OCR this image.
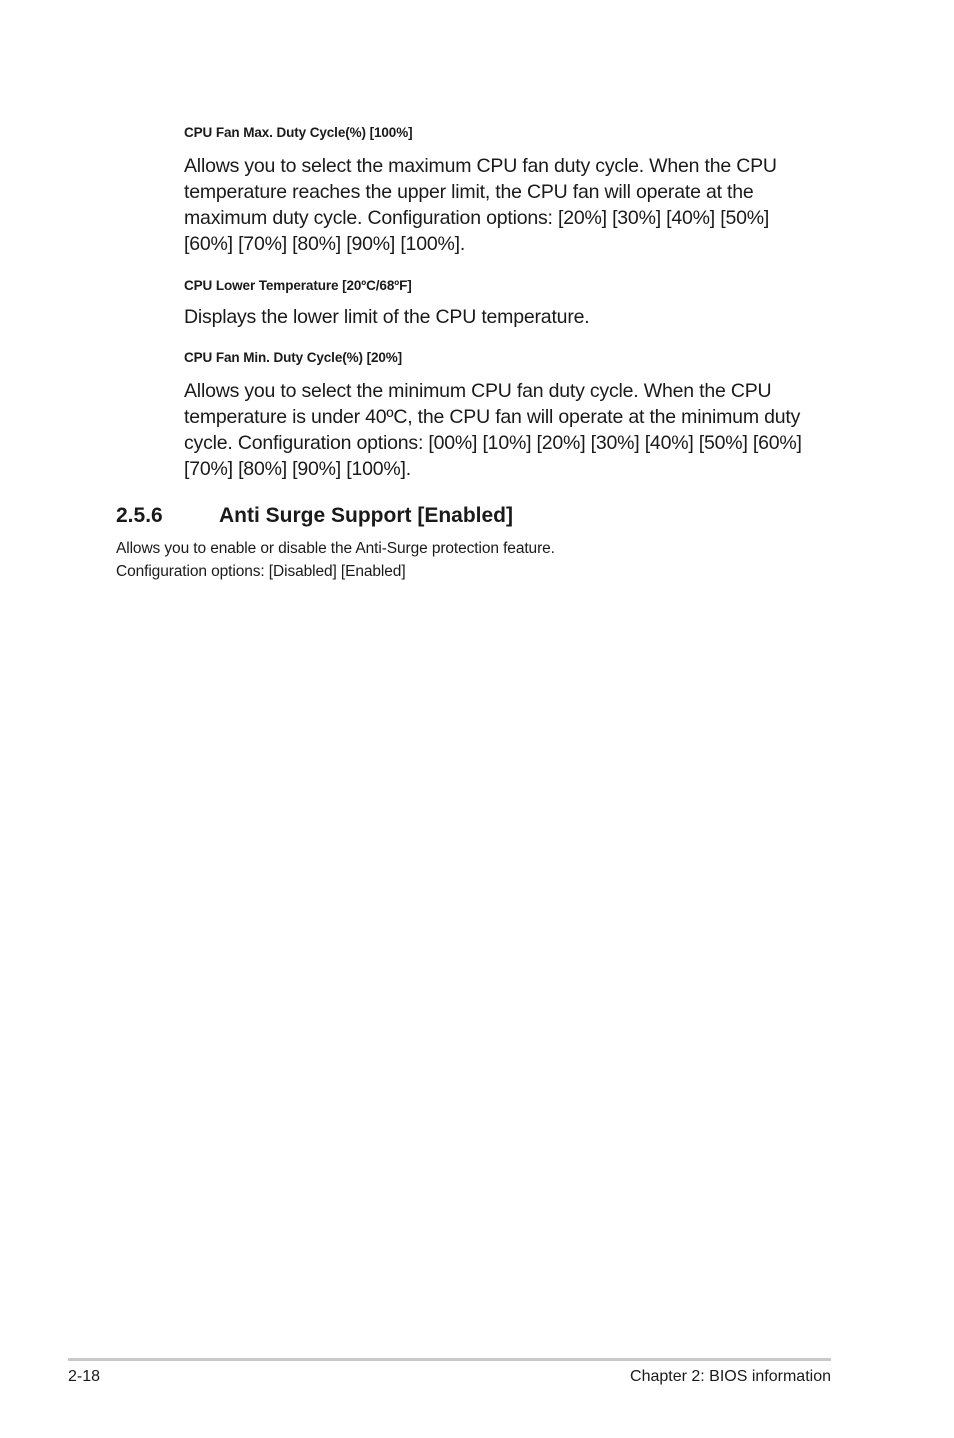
CPU Fan Max. Duty Cycle(%) [100%]
Allows you to select the maximum CPU fan duty cycle. When the CPU
temperature reaches the upper limit, the CPU fan will operate at the
maximum duty cycle. Configuration options: [20%] [30%] [40%] [50%]
[60%] [70%] [80%] [90%] [100%].
CPU Lower Temperature [20ºC/68ºF]
Displays the lower limit of the CPU temperature.
CPU Fan Min. Duty Cycle(%) [20%]
Allows you to select the minimum CPU fan duty cycle. When the CPU
temperature is under 40ºC, the CPU fan will operate at the minimum duty
cycle. Configuration options: [00%] [10%] [20%] [30%] [40%] [50%] [60%]
[70%] [80%] [90%] [100%].
2.5.6	Anti Surge Support [Enabled]
Allows you to enable or disable the Anti-Surge protection feature.
Configuration options: [Disabled] [Enabled]
2-18	Chapter 2: BIOS information
